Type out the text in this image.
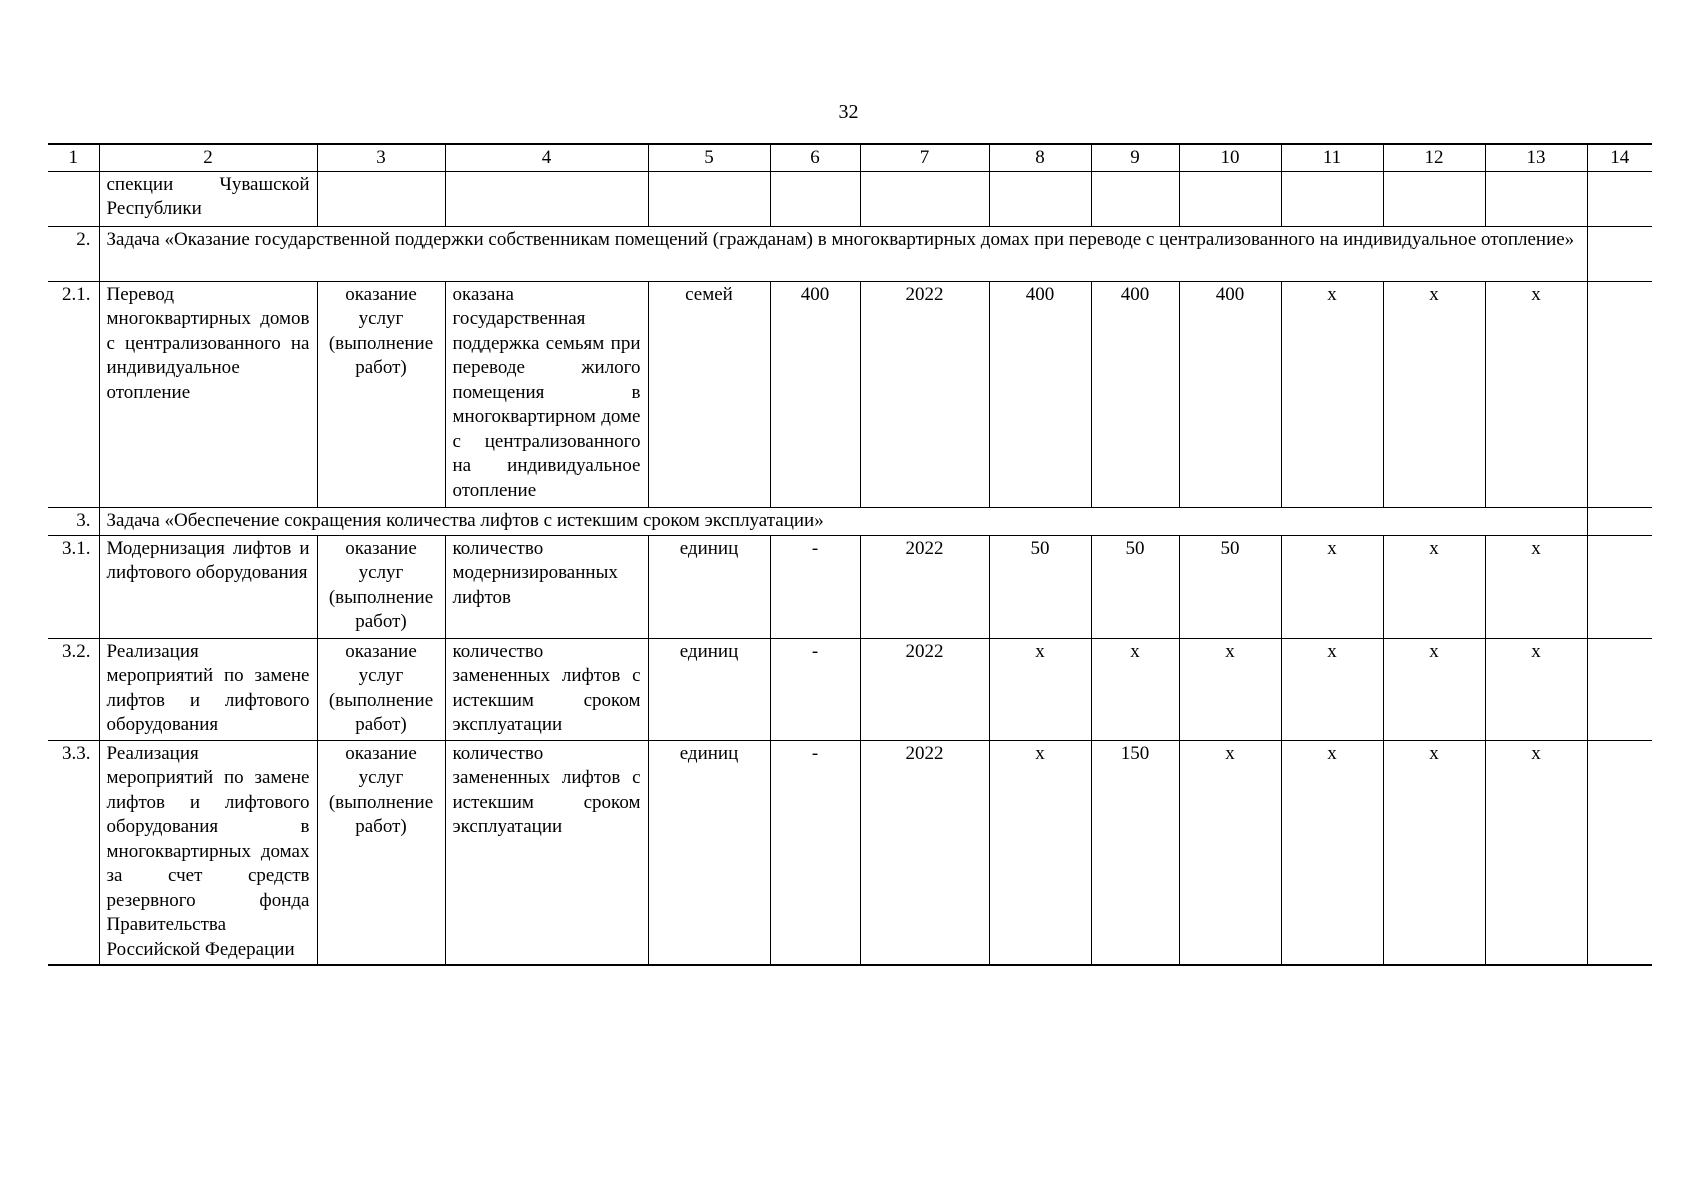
32
1	2	3	4	5	6	7	8	9	10	11	12	13	14
	спекции Чувашской Республики												
2.	Задача «Оказание государственной поддержки собственникам помещений (гражданам) в многоквартирных домах при переводе с централизованного на индивидуальное отопление»												
2.1.	Перевод многоквартирных домов с централизованного на индивидуальное отопление	оказание услуг (выполнение работ)	оказана государственная поддержка семьям при переводе жилого помещения в многоквартирном доме с централизованного на индивидуальное отопление	семей	400	2022	400	400	400	х	х	х	
3.	Задача «Обеспечение сокращения количества лифтов с истекшим сроком эксплуатации»												
3.1.	Модернизация лифтов и лифтового оборудования	оказание услуг (выполнение работ)	количество модернизированных лифтов	единиц	-	2022	50	50	50	х	х	х	
3.2.	Реализация мероприятий по замене лифтов и лифтового оборудования	оказание услуг (выполнение работ)	количество замененных лифтов с истекшим сроком эксплуатации	единиц	-	2022	х	х	х	х	х	х	
3.3.	Реализация мероприятий по замене лифтов и лифтового оборудования в многоквартирных домах за счет средств резервного фонда Правительства Российской Федерации	оказание услуг (выполнение работ)	количество замененных лифтов с истекшим сроком эксплуатации	единиц	-	2022	х	150	х	х	х	х	
